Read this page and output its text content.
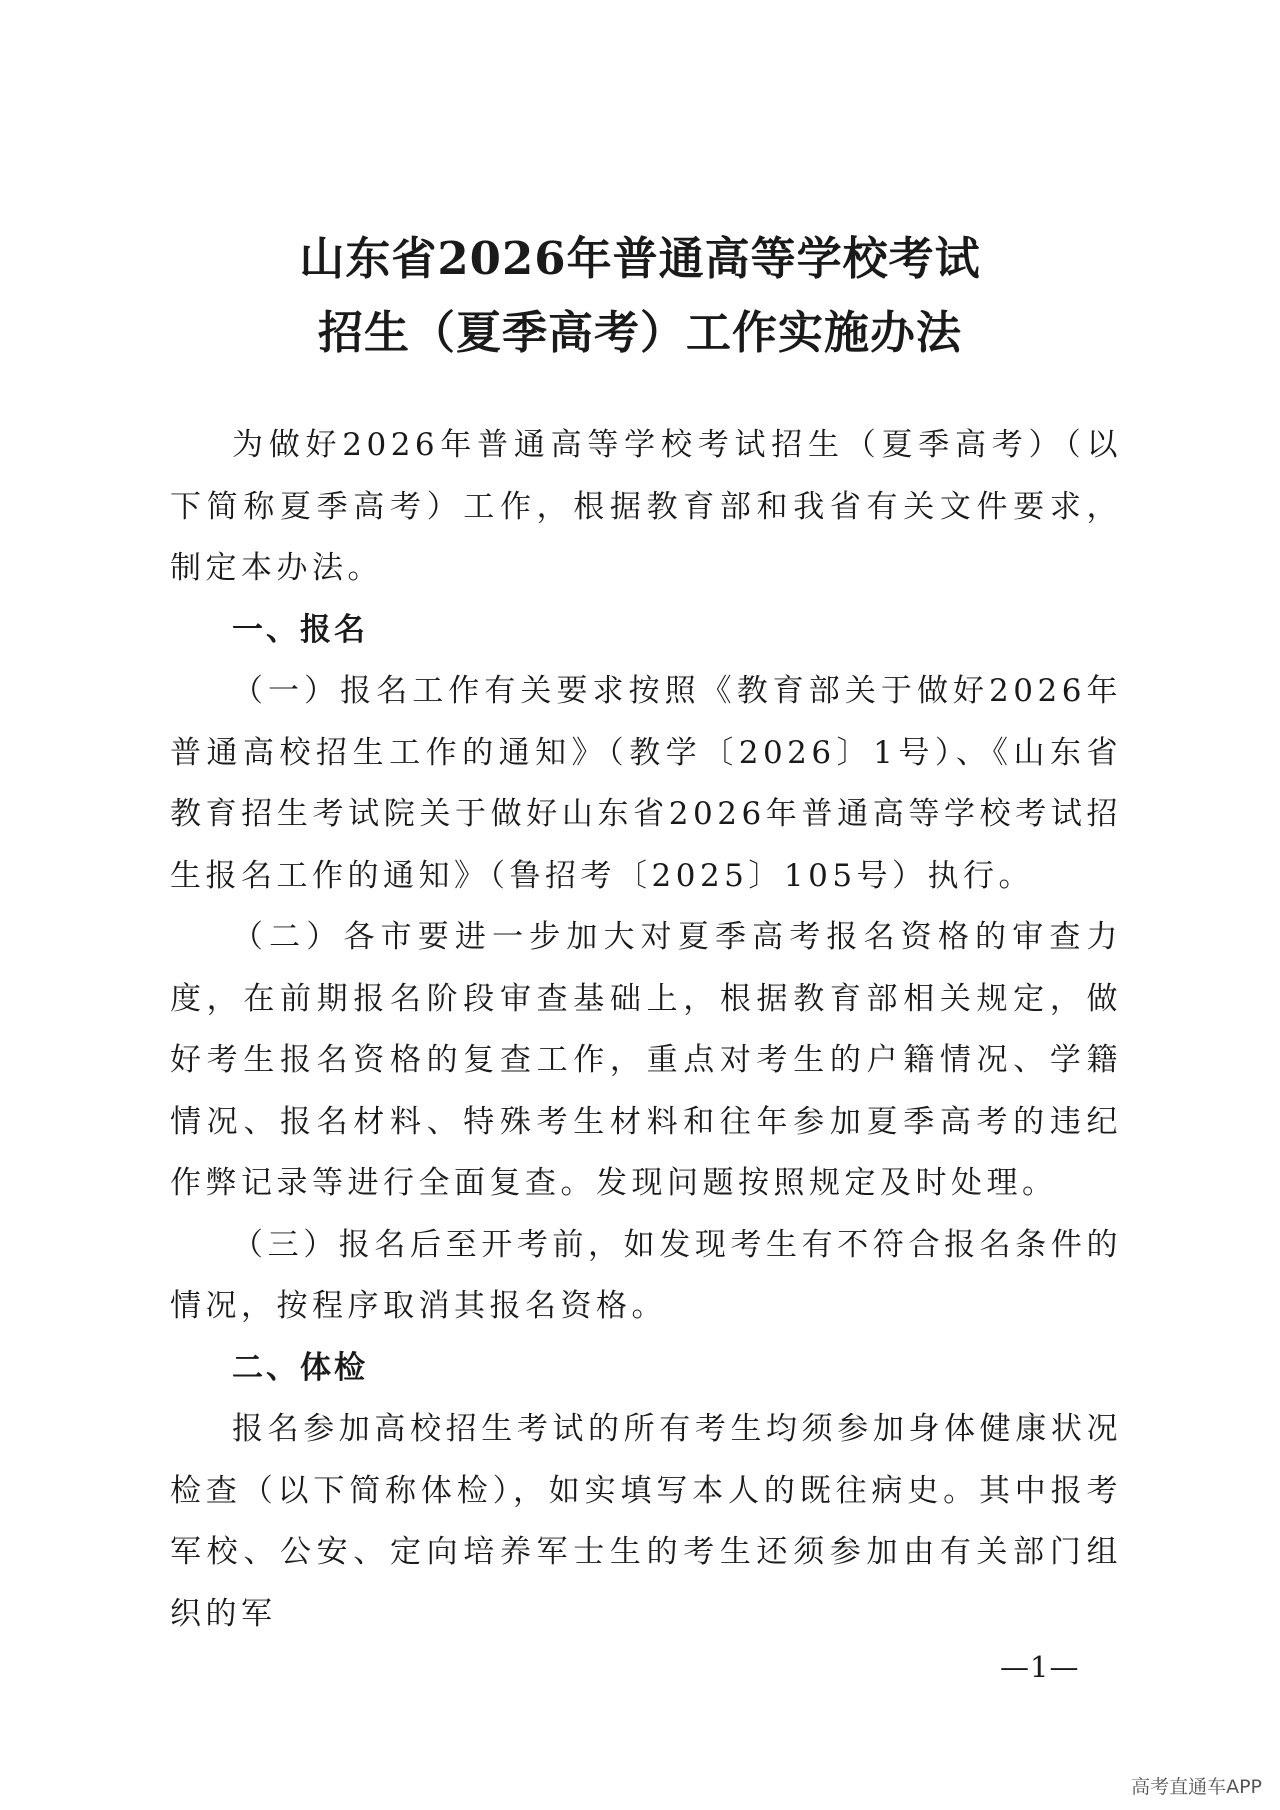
山东省2026年普通高等学校考试
招生（夏季高考）工作实施办法

为做好2026年普通高等学校考试招生（夏季高考）（以下简称夏季高考）工作，根据教育部和我省有关文件要求，制定本办法。

一、报名

（一）报名工作有关要求按照《教育部关于做好2026年普通高校招生工作的通知》（教学〔2026〕1号）、《山东省教育招生考试院关于做好山东省2026年普通高等学校考试招生报名工作的通知》（鲁招考〔2025〕105号）执行。

（二）各市要进一步加大对夏季高考报名资格的审查力度，在前期报名阶段审查基础上，根据教育部相关规定，做好考生报名资格的复查工作，重点对考生的户籍情况、学籍情况、报名材料、特殊考生材料和往年参加夏季高考的违纪作弊记录等进行全面复查。发现问题按照规定及时处理。

（三）报名后至开考前，如发现考生有不符合报名条件的情况，按程序取消其报名资格。

二、体检

报名参加高校招生考试的所有考生均须参加身体健康状况检查（以下简称体检），如实填写本人的既往病史。其中报考军校、公安、定向培养军士生的考生还须参加由有关部门组织的军

—1—
高考直通车APP
